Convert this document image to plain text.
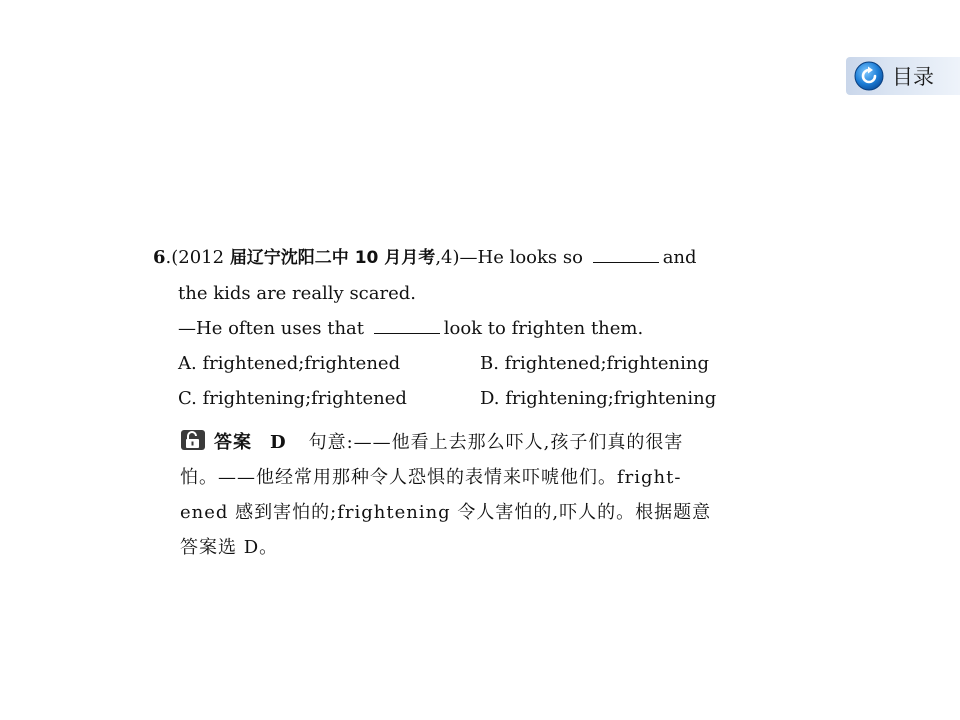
目录
6.(2012 届辽宁沈阳二中 10 月月考,4)—He looks so	and
the kids are really scared.
—He often uses that	look to frighten them.
A. frightened;frightened	B. frightened;frightening
C. frightening;frightened	D. frightening;frightening
答案 D 句意:——他看上去那么吓人,孩子们真的很害
怕。——他经常用那种令人恐惧的表情来吓唬他们。fright-
ened 感到害怕的;frightening 令人害怕的,吓人的。根据题意
答案选 D。
